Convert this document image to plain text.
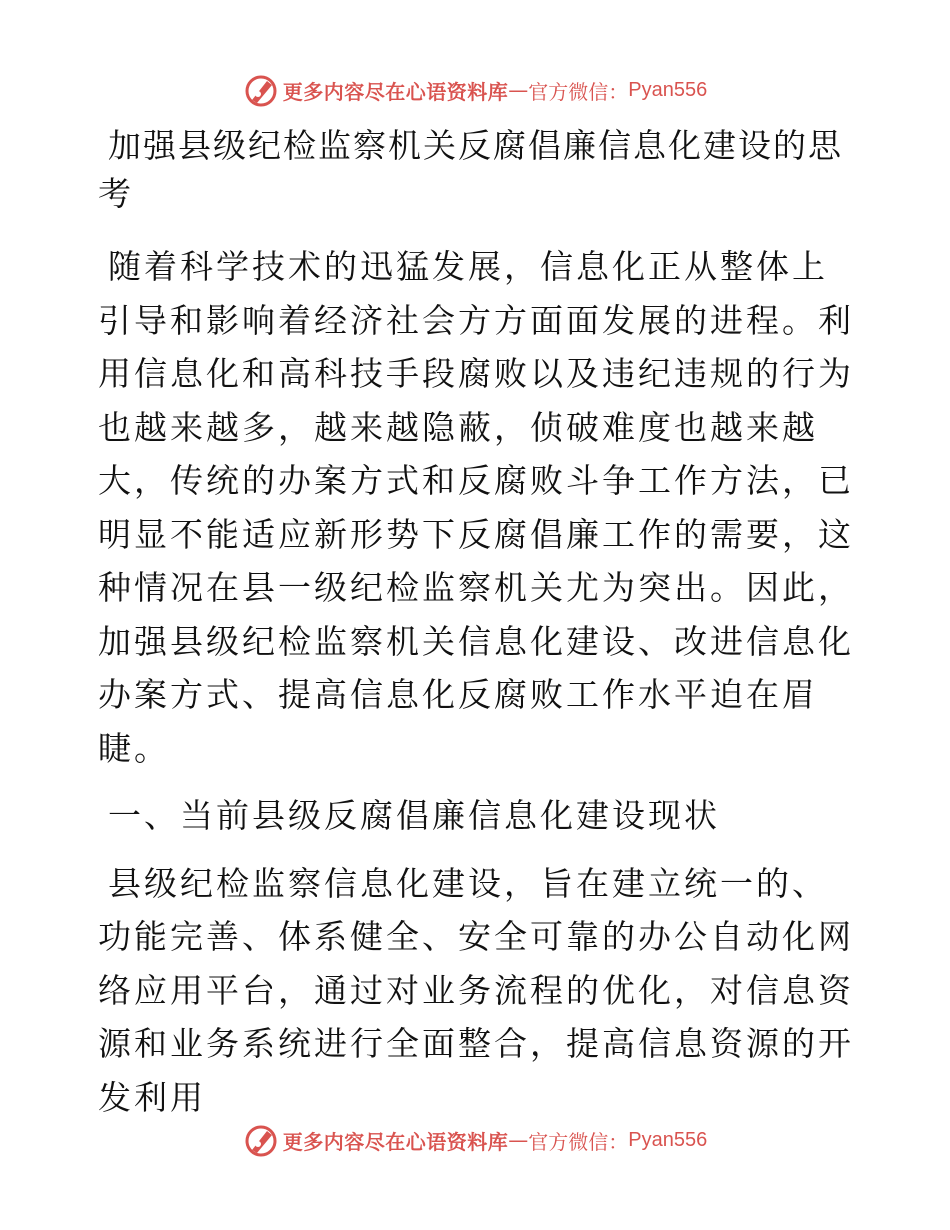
更多内容尽在心语资料库 — 官方微信： Pyan556
加强县级纪检监察机关反腐倡廉信息化建设的思考

随着科学技术的迅猛发展，信息化正从整体上引导和影响着经济社会方方面面发展的进程。利用信息化和高科技手段腐败以及违纪违规的行为也越来越多，越来越隐蔽，侦破难度也越来越大，传统的办案方式和反腐败斗争工作方法，已明显不能适应新形势下反腐倡廉工作的需要，这种情况在县一级纪检监察机关尤为突出。因此，加强县级纪检监察机关信息化建设、改进信息化办案方式、提高信息化反腐败工作水平迫在眉睫。

一、当前县级反腐倡廉信息化建设现状

县级纪检监察信息化建设，旨在建立统一的、功能完善、体系健全、安全可靠的办公自动化网络应用平台，通过对业务流程的优化，对信息资源和业务系统进行全面整合，提高信息资源的开发利用

更多内容尽在心语资料库 — 官方微信： Pyan556
